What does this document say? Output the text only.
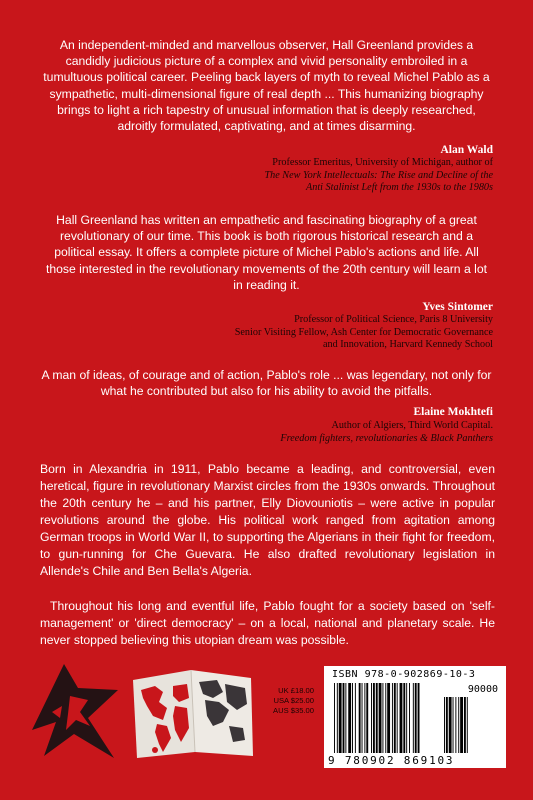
An independent-minded and marvellous observer, Hall Greenland provides a candidly judicious picture of a complex and vivid personality embroiled in a tumultuous political career. Peeling back layers of myth to reveal Michel Pablo as a sympathetic, multi-dimensional figure of real depth ... This humanizing biography brings to light a rich tapestry of unusual information that is deeply researched, adroitly formulated, captivating, and at times disarming.

Alan Wald
Professor Emeritus, University of Michigan, author of
The New York Intellectuals: The Rise and Decline of the
Anti Stalinist Left from the 1930s to the 1980s

Hall Greenland has written an empathetic and fascinating biography of a great revolutionary of our time. This book is both rigorous historical research and a political essay. It offers a complete picture of Michel Pablo's actions and life. All those interested in the revolutionary movements of the 20th century will learn a lot in reading it.

Yves Sintomer
Professor of Political Science, Paris 8 University
Senior Visiting Fellow, Ash Center for Democratic Governance
and Innovation, Harvard Kennedy School

A man of ideas, of courage and of action, Pablo's role ... was legendary, not only for what he contributed but also for his ability to avoid the pitfalls.

Elaine Mokhtefi
Author of Algiers, Third World Capital.
Freedom fighters, revolutionaries & Black Panthers

Born in Alexandria in 1911, Pablo became a leading, and controversial, even heretical, figure in revolutionary Marxist circles from the 1930s onwards. Throughout the 20th century he – and his partner, Elly Diovouniotis – were active in popular revolutions around the globe. His political work ranged from agitation among German troops in World War II, to supporting the Algerians in their fight for freedom, to gun-running for Che Guevara. He also drafted revolutionary legislation in Allende's Chile and Ben Bella's Algeria.

Throughout his long and eventful life, Pablo fought for a society based on 'self-management' or 'direct democracy' – on a local, national and planetary scale. He never stopped believing this utopian dream was possible.

UK £18.00
USA $25.00
AUS $35.00
ISBN 978-0-902869-10-3
90000
9 780902 869103
